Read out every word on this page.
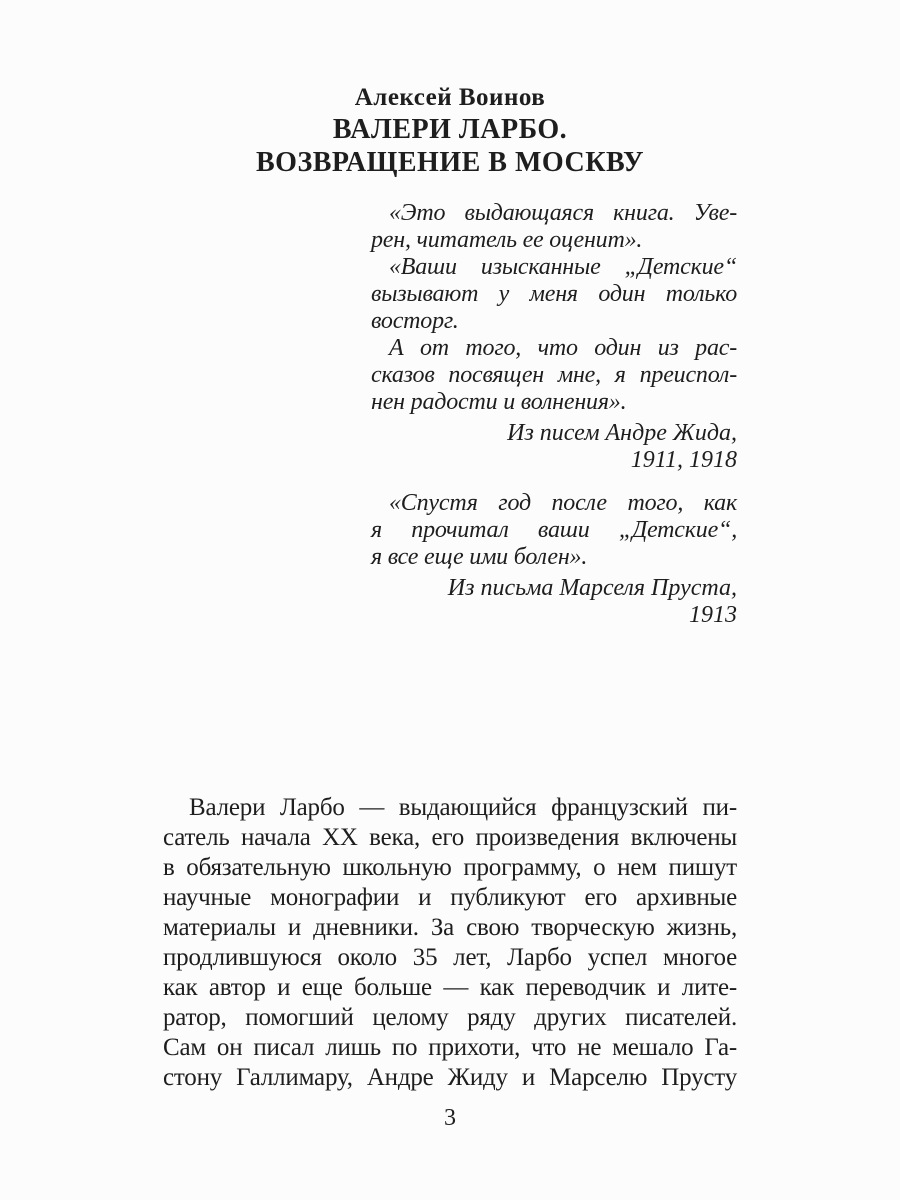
Алексей Воинов
ВАЛЕРИ ЛАРБО.
ВОЗВРАЩЕНИЕ В МОСКВУ
«Это выдающаяся книга. Уве-
рен, читатель ее оценит».
«Ваши изысканные „Детские“
вызывают у меня один только
восторг.
А от того, что один из рас-
сказов посвящен мне, я преиспол-
нен радости и волнения».
Из писем Андре Жида,
1911, 1918
«Спустя год после того, как
я прочитал ваши „Детские“,
я все еще ими болен».
Из письма Марселя Пруста,
1913
Валери Ларбо — выдающийся французский пи-
сатель начала XX века, его произведения включены
в обязательную школьную программу, о нем пишут
научные монографии и публикуют его архивные
материалы и дневники. За свою творческую жизнь,
продлившуюся около 35 лет, Ларбо успел многое
как автор и еще больше — как переводчик и лите-
ратор, помогший целому ряду других писателей.
Сам он писал лишь по прихоти, что не мешало Га-
стону Галлимару, Андре Жиду и Марселю Прусту
3
